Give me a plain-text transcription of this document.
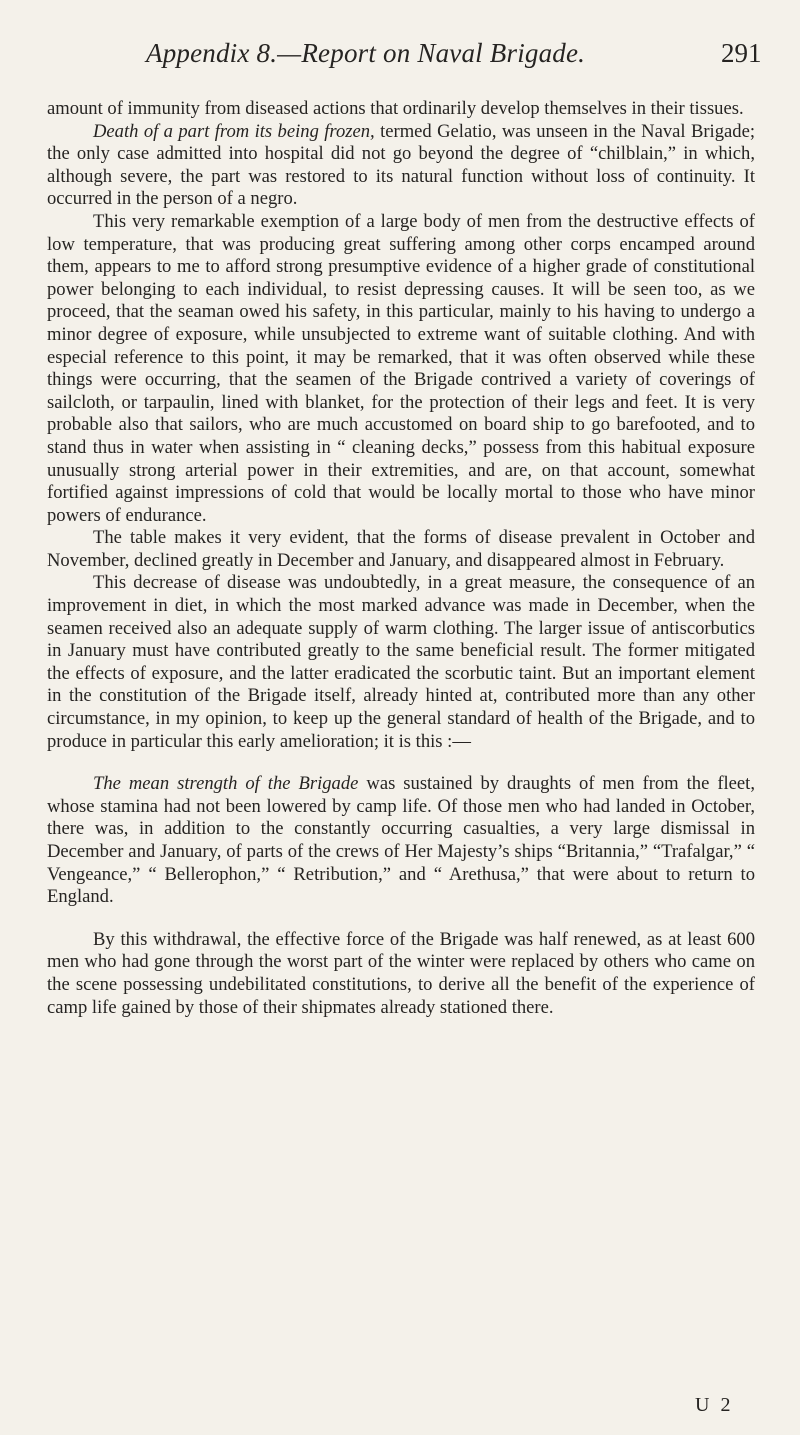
Appendix 8.—Report on Naval Brigade.	291

amount of immunity from diseased actions that ordinarily develop themselves in their tissues.

Death of a part from its being frozen, termed Gelatio, was unseen in the Naval Brigade; the only case admitted into hospital did not go beyond the degree of “chilblain,” in which, although severe, the part was restored to its natural function without loss of continuity. It occurred in the person of a negro.

This very remarkable exemption of a large body of men from the destructive effects of low temperature, that was producing great suffering among other corps encamped around them, appears to me to afford strong presumptive evidence of a higher grade of constitutional power belonging to each individual, to resist depressing causes. It will be seen too, as we proceed, that the seaman owed his safety, in this particular, mainly to his having to undergo a minor degree of exposure, while unsubjected to extreme want of suitable clothing. And with especial reference to this point, it may be remarked, that it was often observed while these things were occurring, that the seamen of the Brigade contrived a variety of coverings of sailcloth, or tarpaulin, lined with blanket, for the protection of their legs and feet. It is very probable also that sailors, who are much accustomed on board ship to go barefooted, and to stand thus in water when assisting in “ cleaning decks,” possess from this habitual exposure unusually strong arterial power in their extremities, and are, on that account, somewhat fortified against impressions of cold that would be locally mortal to those who have minor powers of endurance.

The table makes it very evident, that the forms of disease prevalent in October and November, declined greatly in December and January, and disappeared almost in February.

This decrease of disease was undoubtedly, in a great measure, the consequence of an improvement in diet, in which the most marked advance was made in December, when the seamen received also an adequate supply of warm clothing. The larger issue of antiscorbutics in January must have contributed greatly to the same beneficial result. The former mitigated the effects of exposure, and the latter eradicated the scorbutic taint. But an important element in the constitution of the Brigade itself, already hinted at, contributed more than any other circumstance, in my opinion, to keep up the general standard of health of the Brigade, and to produce in particular this early amelioration; it is this :—

The mean strength of the Brigade was sustained by draughts of men from the fleet, whose stamina had not been lowered by camp life. Of those men who had landed in October, there was, in addition to the constantly occurring casualties, a very large dismissal in December and January, of parts of the crews of Her Majesty’s ships “Britannia,” “Trafalgar,” “ Vengeance,” “ Bellerophon,” “ Retribution,” and “ Arethusa,” that were about to return to England.

By this withdrawal, the effective force of the Brigade was half renewed, as at least 600 men who had gone through the worst part of the winter were replaced by others who came on the scene possessing undebilitated constitutions, to derive all the benefit of the experience of camp life gained by those of their shipmates already stationed there.

U 2
